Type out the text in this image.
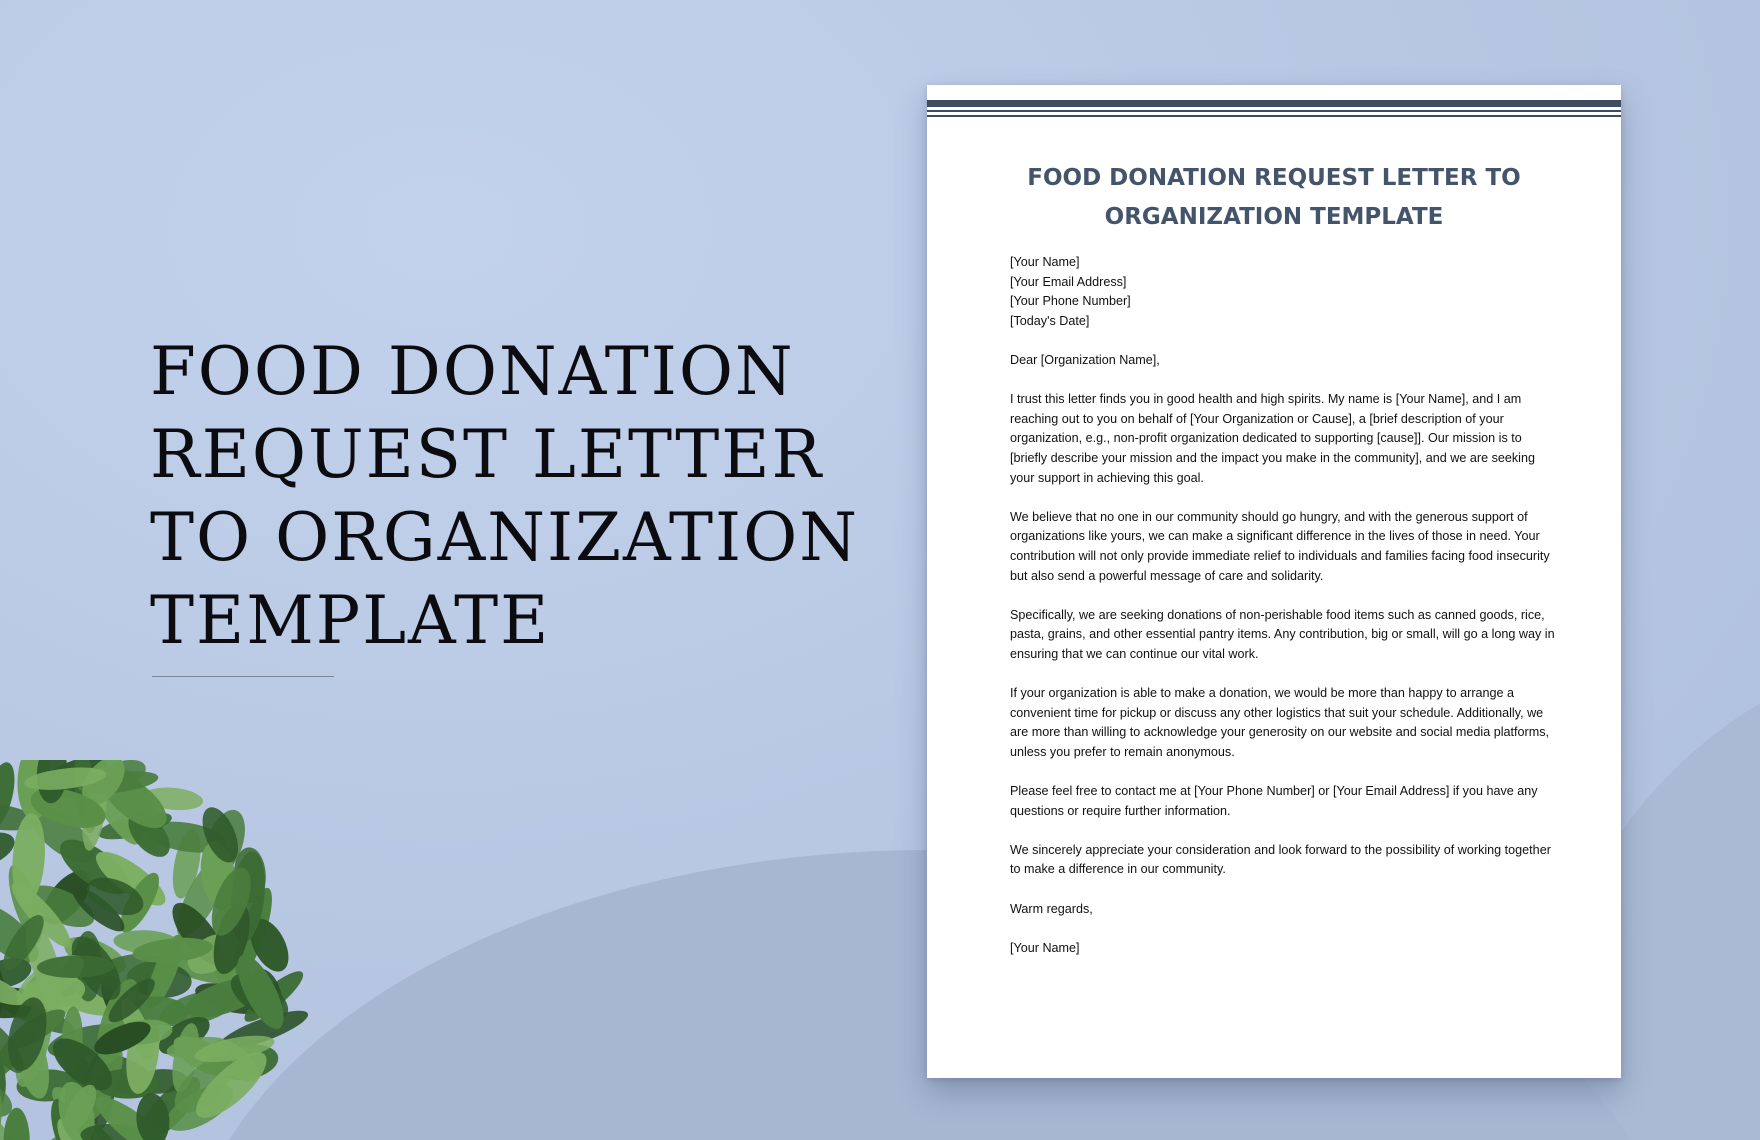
FOOD DONATION REQUEST LETTER TO ORGANIZATION TEMPLATE
FOOD DONATION REQUEST LETTER TO
ORGANIZATION TEMPLATE

[Your Name]
[Your Email Address]
[Your Phone Number]
[Today's Date]

Dear [Organization Name],

I trust this letter finds you in good health and high spirits. My name is [Your Name], and I am reaching out to you on behalf of [Your Organization or Cause], a [brief description of your organization, e.g., non-profit organization dedicated to supporting [cause]]. Our mission is to [briefly describe your mission and the impact you make in the community], and we are seeking your support in achieving this goal.

We believe that no one in our community should go hungry, and with the generous support of organizations like yours, we can make a significant difference in the lives of those in need. Your contribution will not only provide immediate relief to individuals and families facing food insecurity but also send a powerful message of care and solidarity.

Specifically, we are seeking donations of non-perishable food items such as canned goods, rice, pasta, grains, and other essential pantry items. Any contribution, big or small, will go a long way in ensuring that we can continue our vital work.

If your organization is able to make a donation, we would be more than happy to arrange a convenient time for pickup or discuss any other logistics that suit your schedule. Additionally, we are more than willing to acknowledge your generosity on our website and social media platforms, unless you prefer to remain anonymous.

Please feel free to contact me at [Your Phone Number] or [Your Email Address] if you have any questions or require further information.

We sincerely appreciate your consideration and look forward to the possibility of working together to make a difference in our community.

Warm regards,

[Your Name]
